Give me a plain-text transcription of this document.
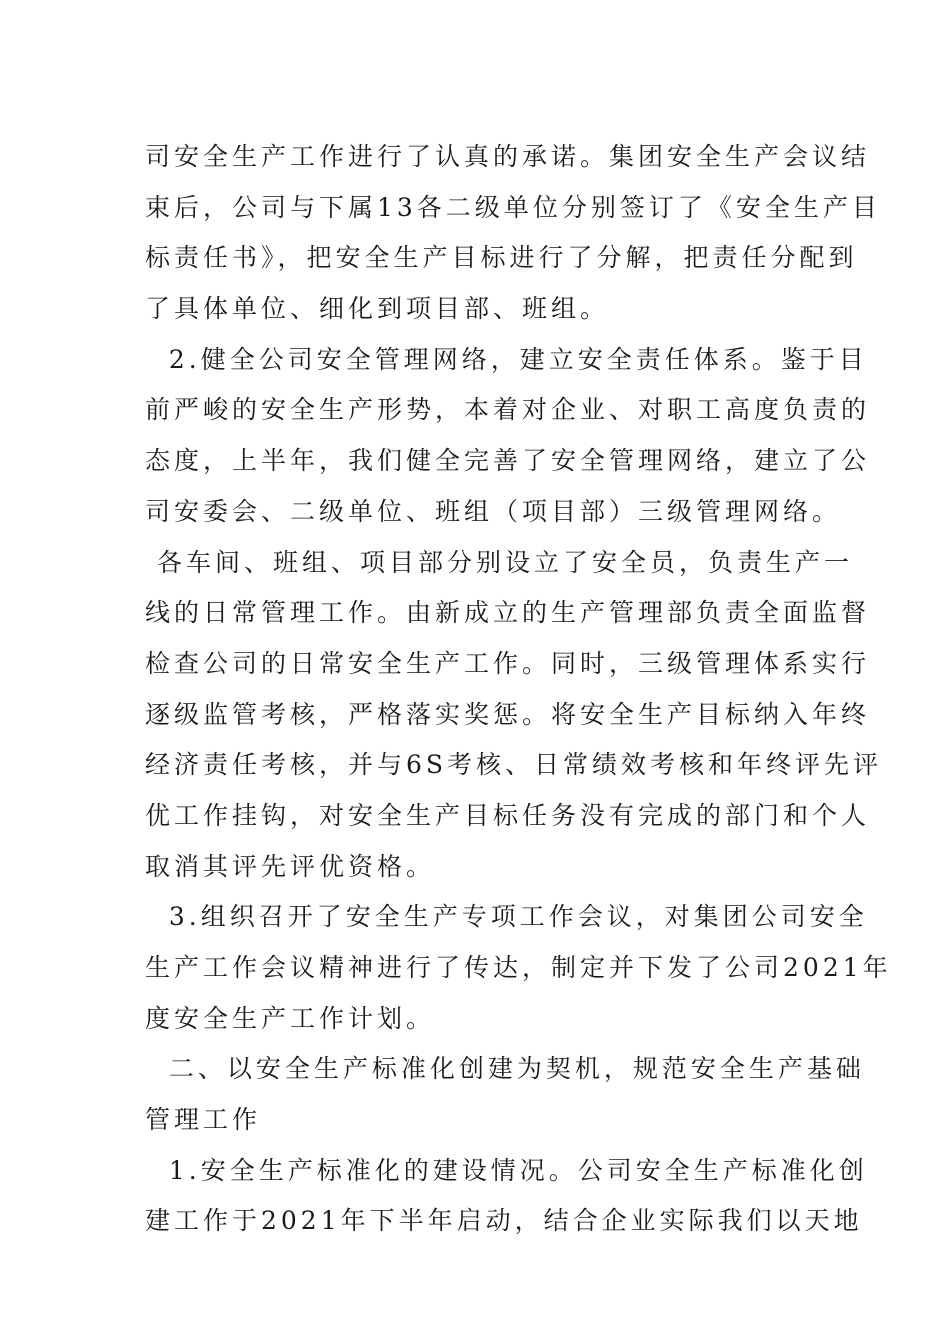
司安全生产工作进行了认真的承诺。集团安全生产会议结
束后，公司与下属13各二级单位分别签订了《安全生产目
标责任书》，把安全生产目标进行了分解，把责任分配到
了具体单位、细化到项目部、班组。
2.健全公司安全管理网络，建立安全责任体系。鉴于目
前严峻的安全生产形势，本着对企业、对职工高度负责的
态度，上半年，我们健全完善了安全管理网络，建立了公
司安委会、二级单位、班组（项目部）三级管理网络。
各车间、班组、项目部分别设立了安全员，负责生产一
线的日常管理工作。由新成立的生产管理部负责全面监督
检查公司的日常安全生产工作。同时，三级管理体系实行
逐级监管考核，严格落实奖惩。将安全生产目标纳入年终
经济责任考核，并与6S考核、日常绩效考核和年终评先评
优工作挂钩，对安全生产目标任务没有完成的部门和个人
取消其评先评优资格。
3.组织召开了安全生产专项工作会议，对集团公司安全
生产工作会议精神进行了传达，制定并下发了公司2021年
度安全生产工作计划。
二、以安全生产标准化创建为契机，规范安全生产基础
管理工作
1.安全生产标准化的建设情况。公司安全生产标准化创
建工作于2021年下半年启动，结合企业实际我们以天地
